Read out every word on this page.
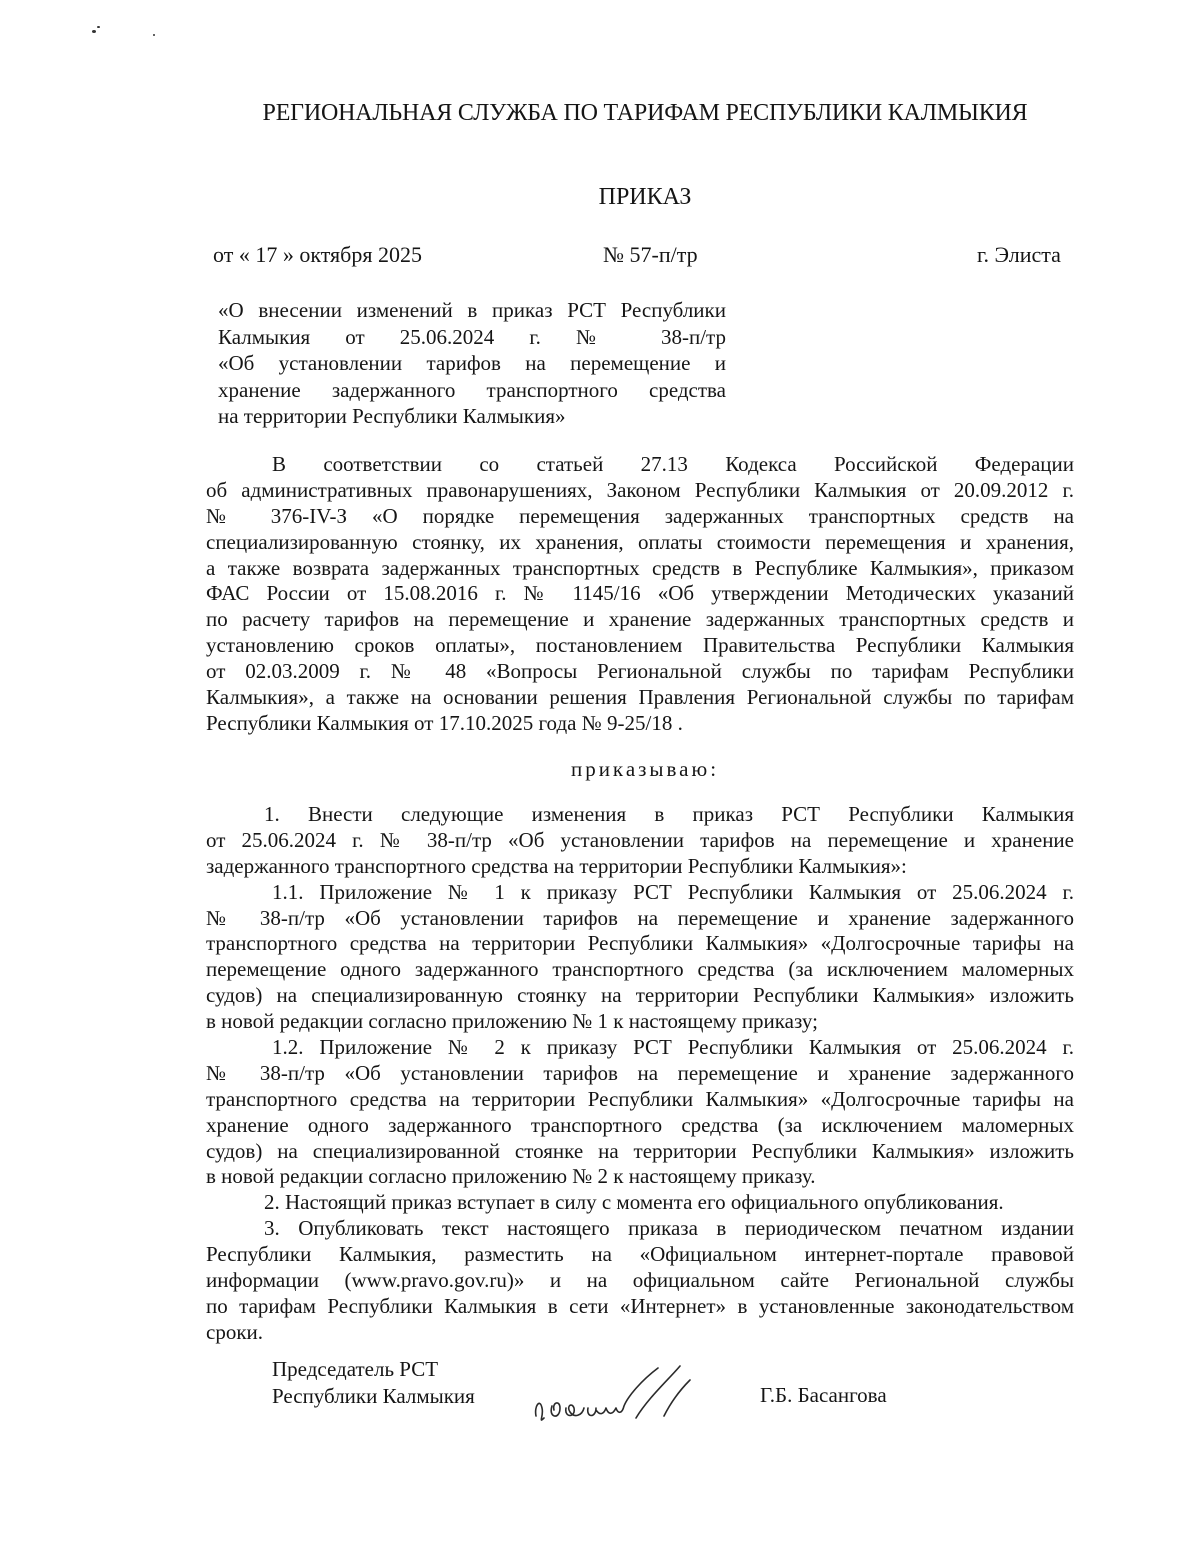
РЕГИОНАЛЬНАЯ СЛУЖБА ПО ТАРИФАМ РЕСПУБЛИКИ КАЛМЫКИЯ

ПРИКАЗ

от « 17 » октября 2025	№ 57-п/тр	г. Элиста

«О внесении изменений в приказ РСТ Республики
Калмыкия от 25.06.2024 г. № 38-п/тр
«Об установлении тарифов на перемещение и
хранение задержанного транспортного средства
на территории Республики Калмыкия»
В соответствии со статьей 27.13 Кодекса Российской Федерации
об административных правонарушениях, Законом Республики Калмыкия от 20.09.2012 г.
№ 376-IV-З «О порядке перемещения задержанных транспортных средств на
специализированную стоянку, их хранения, оплаты стоимости перемещения и хранения,
а также возврата задержанных транспортных средств в Республике Калмыкия», приказом
ФАС России от 15.08.2016 г. № 1145/16 «Об утверждении Методических указаний
по расчету тарифов на перемещение и хранение задержанных транспортных средств и
установлению сроков оплаты», постановлением Правительства Республики Калмыкия
от 02.03.2009 г. № 48 «Вопросы Региональной службы по тарифам Республики
Калмыкия», а также на основании решения Правления Региональной службы по тарифам
Республики Калмыкия от 17.10.2025 года № 9-25/18 .

приказываю:

1. Внести следующие изменения в приказ РСТ Республики Калмыкия
от 25.06.2024 г. № 38-п/тр «Об установлении тарифов на перемещение и хранение
задержанного транспортного средства на территории Республики Калмыкия»:
1.1. Приложение № 1 к приказу РСТ Республики Калмыкия от 25.06.2024 г.
№ 38-п/тр «Об установлении тарифов на перемещение и хранение задержанного
транспортного средства на территории Республики Калмыкия» «Долгосрочные тарифы на
перемещение одного задержанного транспортного средства (за исключением маломерных
судов) на специализированную стоянку на территории Республики Калмыкия» изложить
в новой редакции согласно приложению № 1 к настоящему приказу;
1.2. Приложение № 2 к приказу РСТ Республики Калмыкия от 25.06.2024 г.
№ 38-п/тр «Об установлении тарифов на перемещение и хранение задержанного
транспортного средства на территории Республики Калмыкия» «Долгосрочные тарифы на
хранение одного задержанного транспортного средства (за исключением маломерных
судов) на специализированной стоянке на территории Республики Калмыкия» изложить
в новой редакции согласно приложению № 2 к настоящему приказу.
2. Настоящий приказ вступает в силу с момента его официального опубликования.
3. Опубликовать текст настоящего приказа в периодическом печатном издании
Республики Калмыкия, разместить на «Официальном интернет-портале правовой
информации (www.pravo.gov.ru)» и на официальном сайте Региональной службы
по тарифам Республики Калмыкия в сети «Интернет» в установленные законодательством
сроки.
Председатель РСТ
Республики Калмыкия	Г.Б. Басангова
